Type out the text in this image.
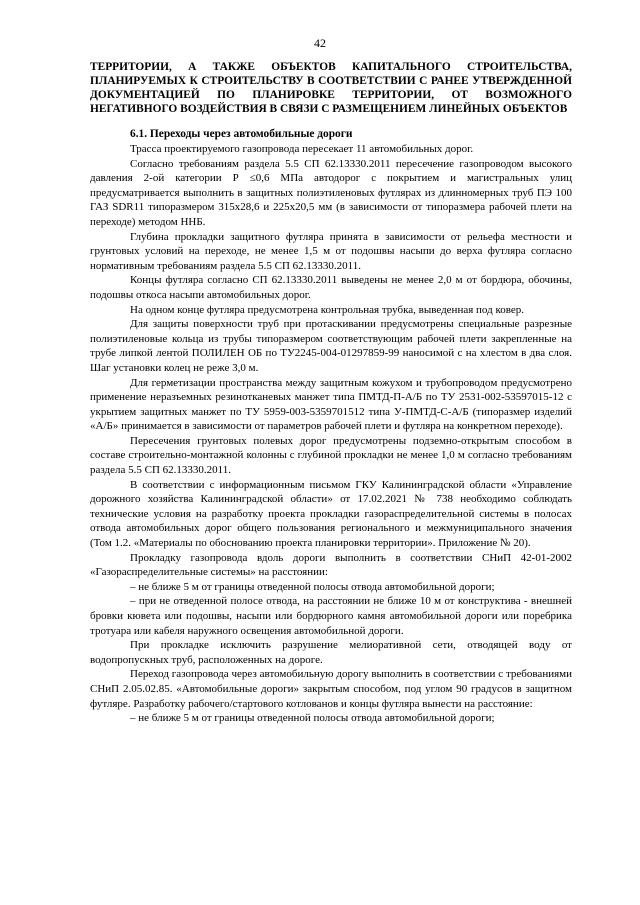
42

ТЕРРИТОРИИ, А ТАКЖЕ ОБЪЕКТОВ КАПИТАЛЬНОГО СТРОИТЕЛЬСТВА, ПЛАНИРУЕМЫХ К СТРОИТЕЛЬСТВУ В СООТВЕТСТВИИ С РАНЕЕ УТВЕРЖДЕННОЙ ДОКУМЕНТАЦИЕЙ ПО ПЛАНИРОВКЕ ТЕРРИТОРИИ, ОТ ВОЗМОЖНОГО НЕГАТИВНОГО ВОЗДЕЙСТВИЯ В СВЯЗИ С РАЗМЕЩЕНИЕМ ЛИНЕЙНЫХ ОБЪЕКТОВ

6.1. Переходы через автомобильные дороги

Трасса проектируемого газопровода пересекает 11 автомобильных дорог.

Согласно требованиям раздела 5.5 СП 62.13330.2011 пересечение газопроводом высокого давления 2-ой категории Р ≤0,6 МПа автодорог с покрытием и магистральных улиц предусматривается выполнить в защитных полиэтиленовых футлярах из длинномерных труб ПЭ 100 ГАЗ SDR11 типоразмером 315х28,6 и 225х20,5 мм (в зависимости от типоразмера рабочей плети на переходе) методом ННБ.

Глубина прокладки защитного футляра принята в зависимости от рельефа местности и грунтовых условий на переходе, не менее 1,5 м от подошвы насыпи до верха футляра согласно нормативным требованиям раздела 5.5 СП 62.13330.2011.

Концы футляра согласно СП 62.13330.2011 выведены не менее 2,0 м от бордюра, обочины, подошвы откоса насыпи автомобильных дорог.

На одном конце футляра предусмотрена контрольная трубка, выведенная под ковер.

Для защиты поверхности труб при протаскивании предусмотрены специальные разрезные полиэтиленовые кольца из трубы типоразмером соответствующим рабочей плети закрепленные на трубе липкой лентой ПОЛИЛЕН ОБ по ТУ2245-004-01297859-99 наносимой с на хлестом в два слоя. Шаг установки колец не реже 3,0 м.

Для герметизации пространства между защитным кожухом и трубопроводом предусмотрено применение неразъемных резинотканевых манжет типа ПМТД-П-А/Б по ТУ 2531-002-53597015-12 с укрытием защитных манжет по ТУ 5959-003-5359701512 типа У-ПМТД-С-А/Б (типоразмер изделий «А/Б» принимается в зависимости от параметров рабочей плети и футляра на конкретном переходе).

Пересечения грунтовых полевых дорог предусмотрены подземно-открытым способом в составе строительно-монтажной колонны с глубиной прокладки не менее 1,0 м согласно требованиям раздела 5.5 СП 62.13330.2011.

В соответствии с информационным письмом ГКУ Калининградской области «Управление дорожного хозяйства Калининградской области» от 17.02.2021 № 738 необходимо соблюдать технические условия на разработку проекта прокладки газораспределительной системы в полосах отвода автомобильных дорог общего пользования регионального и межмуниципального значения (Том 1.2. «Материалы по обоснованию проекта планировки территории». Приложение № 20).

Прокладку газопровода вдоль дороги выполнить в соответствии СНиП 42-01-2002 «Газораспределительные системы» на расстоянии:

– не ближе 5 м от границы отведенной полосы отвода автомобильной дороги;

– при не отведенной полосе отвода, на расстоянии не ближе 10 м от конструктива - внешней бровки кювета или подошвы, насыпи или бордюрного камня автомобильной дороги или поребрика тротуара или кабеля наружного освещения автомобильной дороги.

При прокладке исключить разрушение мелиоративной сети, отводящей воду от водопропускных труб, расположенных на дороге.

Переход газопровода через автомобильную дорогу выполнить в соответствии с требованиями СНиП 2.05.02.85. «Автомобильные дороги» закрытым способом, под углом 90 градусов в защитном футляре. Разработку рабочего/стартового котлованов и концы футляра вынести на расстояние:

– не ближе 5 м от границы отведенной полосы отвода автомобильной дороги;
